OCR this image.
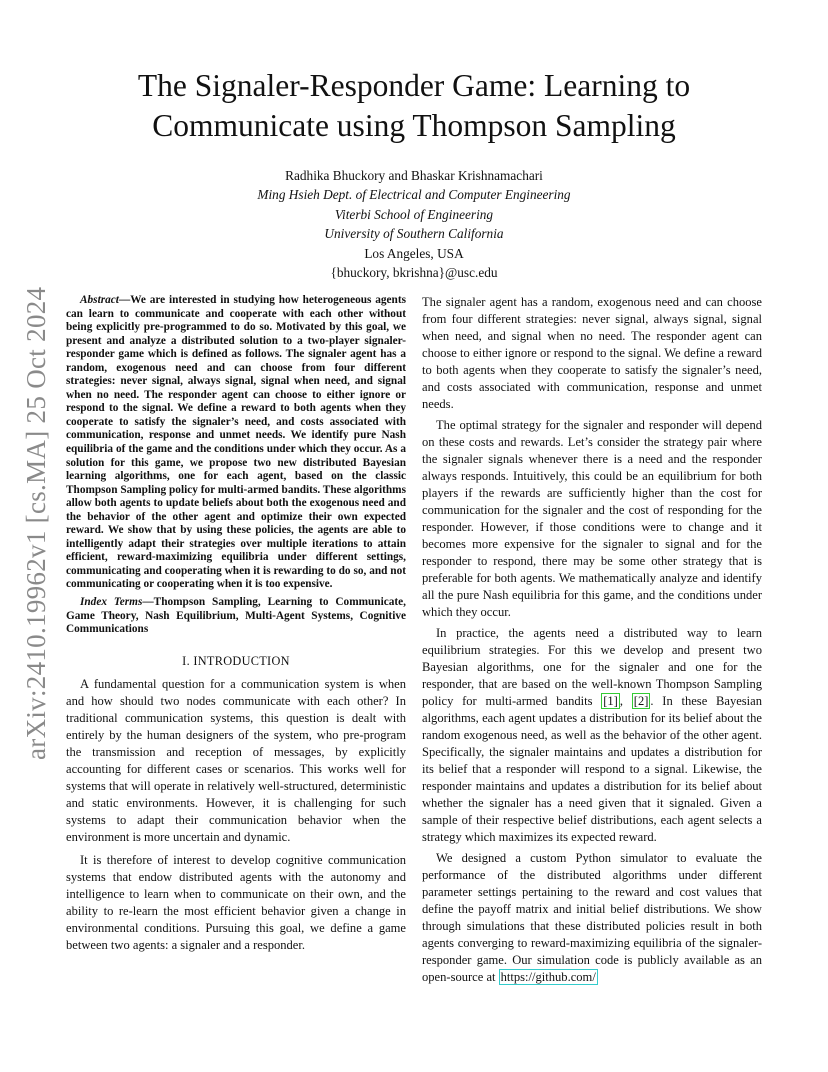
arXiv:2410.19962v1 [cs.MA] 25 Oct 2024
The Signaler-Responder Game: Learning to
Communicate using Thompson Sampling
Radhika Bhuckory and Bhaskar Krishnamachari
Ming Hsieh Dept. of Electrical and Computer Engineering
Viterbi School of Engineering
University of Southern California
Los Angeles, USA
{bhuckory, bkrishna}@usc.edu

Abstract—We are interested in studying how heterogeneous agents can learn to communicate and cooperate with each other without being explicitly pre-programmed to do so. Motivated by this goal, we present and analyze a distributed solution to a two-player signaler-responder game which is defined as follows. The signaler agent has a random, exogenous need and can choose from four different strategies: never signal, always signal, signal when need, and signal when no need. The responder agent can choose to either ignore or respond to the signal. We define a reward to both agents when they cooperate to satisfy the signaler’s need, and costs associated with communication, response and unmet needs. We identify pure Nash equilibria of the game and the conditions under which they occur. As a solution for this game, we propose two new distributed Bayesian learning algorithms, one for each agent, based on the classic Thompson Sampling policy for multi-armed bandits. These algorithms allow both agents to update beliefs about both the exogenous need and the behavior of the other agent and optimize their own expected reward. We show that by using these policies, the agents are able to intelligently adapt their strategies over multiple iterations to attain efficient, reward-maximizing equilibria under different settings, communicating and cooperating when it is rewarding to do so, and not communicating or cooperating when it is too expensive.

Index Terms—Thompson Sampling, Learning to Communicate, Game Theory, Nash Equilibrium, Multi-Agent Systems, Cognitive Communications

I. INTRODUCTION

A fundamental question for a communication system is when and how should two nodes communicate with each other? In traditional communication systems, this question is dealt with entirely by the human designers of the system, who pre-program the transmission and reception of messages, by explicitly accounting for different cases or scenarios. This works well for systems that will operate in relatively well-structured, deterministic and static environments. However, it is challenging for such systems to adapt their communication behavior when the environment is more uncertain and dynamic.

It is therefore of interest to develop cognitive communication systems that endow distributed agents with the autonomy and intelligence to learn when to communicate on their own, and the ability to re-learn the most efficient behavior given a change in environmental conditions. Pursuing this goal, we define a game between two agents: a signaler and a responder.

The signaler agent has a random, exogenous need and can choose from four different strategies: never signal, always signal, signal when need, and signal when no need. The responder agent can choose to either ignore or respond to the signal. We define a reward to both agents when they cooperate to satisfy the signaler’s need, and costs associated with communication, response and unmet needs.

The optimal strategy for the signaler and responder will depend on these costs and rewards. Let’s consider the strategy pair where the signaler signals whenever there is a need and the responder always responds. Intuitively, this could be an equilibrium for both players if the rewards are sufficiently higher than the cost for communication for the signaler and the cost of responding for the responder. However, if those conditions were to change and it becomes more expensive for the signaler to signal and for the responder to respond, there may be some other strategy that is preferable for both agents. We mathematically analyze and identify all the pure Nash equilibria for this game, and the conditions under which they occur.

In practice, the agents need a distributed way to learn equilibrium strategies. For this we develop and present two Bayesian algorithms, one for the signaler and one for the responder, that are based on the well-known Thompson Sampling policy for multi-armed bandits [1] , [2] . In these Bayesian algorithms, each agent updates a distribution for its belief about the random exogenous need, as well as the behavior of the other agent. Specifically, the signaler maintains and updates a distribution for its belief that a responder will respond to a signal. Likewise, the responder maintains and updates a distribution for its belief about whether the signaler has a need given that it signaled. Given a sample of their respective belief distributions, each agent selects a strategy which maximizes its expected reward.

We designed a custom Python simulator to evaluate the performance of the distributed algorithms under different parameter settings pertaining to the reward and cost values that define the payoff matrix and initial belief distributions. We show through simulations that these distributed policies result in both agents converging to reward-maximizing equilibria of the signaler-responder game. Our simulation code is publicly available as an open-source at https://github.com/
